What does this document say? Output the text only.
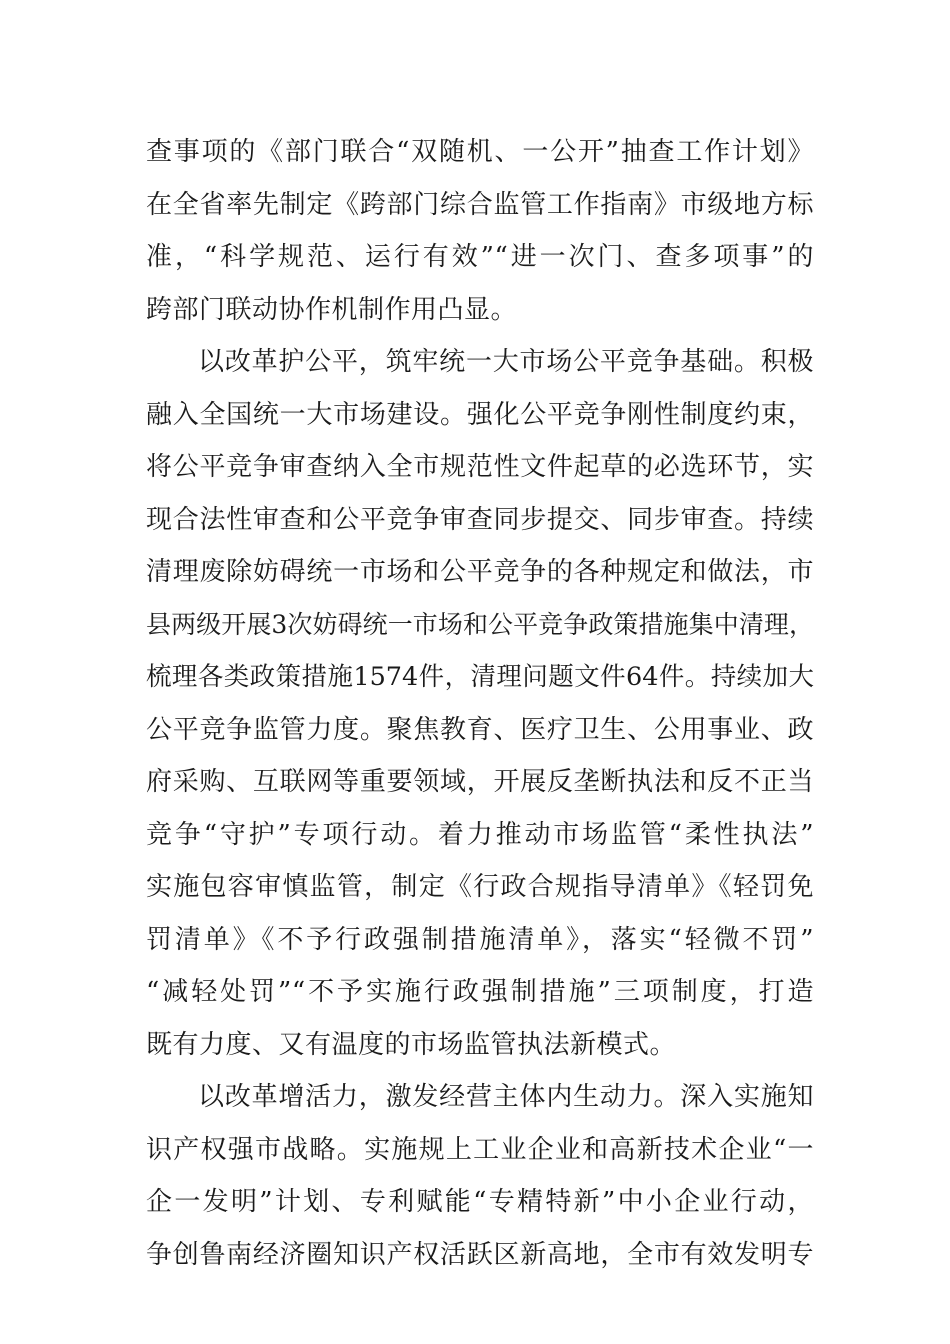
查事项的《部门联合“双随机、一公开”抽查工作计划》
在全省率先制定《跨部门综合监管工作指南》市级地方标
准，“科学规范、运行有效”“进一次门、查多项事”的
跨部门联动协作机制作用凸显。
以改革护公平，筑牢统一大市场公平竞争基础。积极
融入全国统一大市场建设。强化公平竞争刚性制度约束，
将公平竞争审查纳入全市规范性文件起草的必选环节，实
现合法性审查和公平竞争审查同步提交、同步审查。持续
清理废除妨碍统一市场和公平竞争的各种规定和做法，市
县两级开展3次妨碍统一市场和公平竞争政策措施集中清理，
梳理各类政策措施1574件，清理问题文件64件。持续加大
公平竞争监管力度。聚焦教育、医疗卫生、公用事业、政
府采购、互联网等重要领域，开展反垄断执法和反不正当
竞争“守护”专项行动。着力推动市场监管“柔性执法”
实施包容审慎监管，制定《行政合规指导清单》《轻罚免
罚清单》《不予行政强制措施清单》，落实“轻微不罚”
“减轻处罚”“不予实施行政强制措施”三项制度，打造
既有力度、又有温度的市场监管执法新模式。
以改革增活力，激发经营主体内生动力。深入实施知
识产权强市战略。实施规上工业企业和高新技术企业“一
企一发明”计划、专利赋能“专精特新”中小企业行动，
争创鲁南经济圈知识产权活跃区新高地，全市有效发明专
